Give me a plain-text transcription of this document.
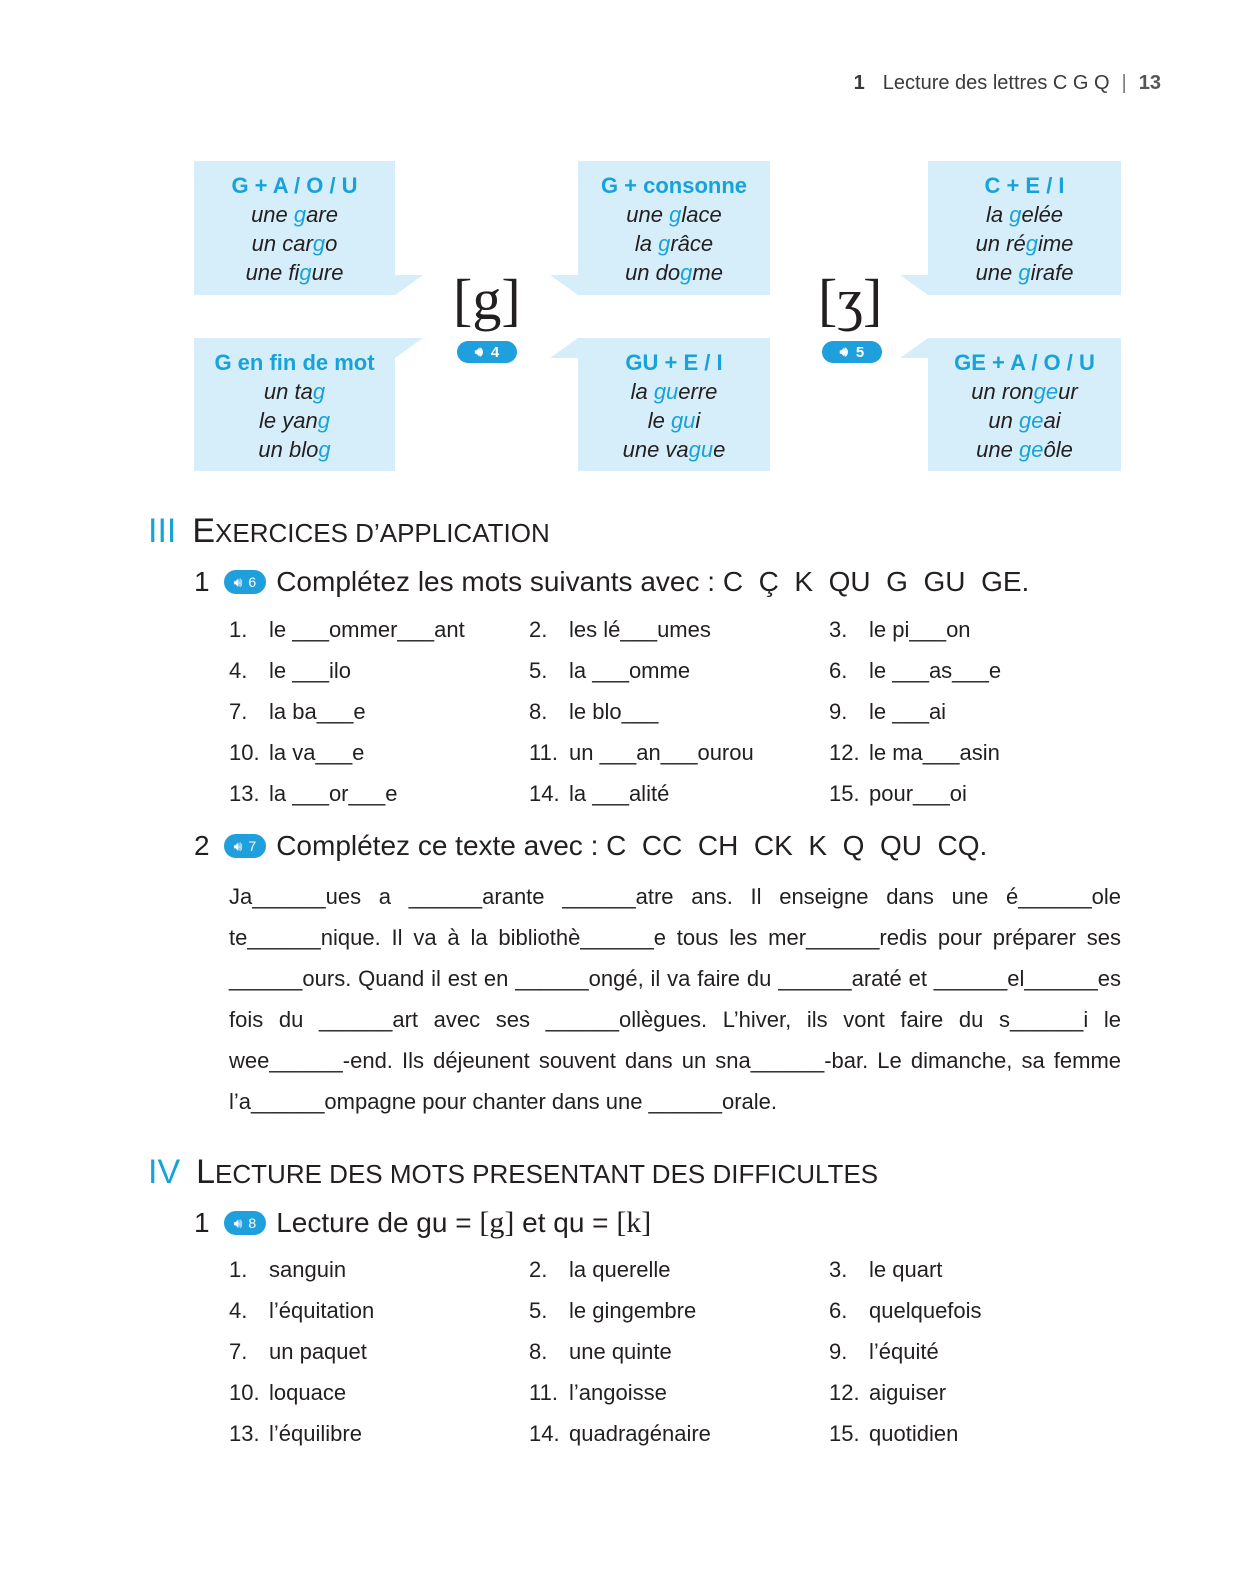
1 Lecture des lettres C G Q | 13
G + A / O / U
une gare
un cargo
une figure
G en fin de mot
un tag
le yang
un blog
G + consonne
une glace
la grâce
un dogme
GU + E / I
la guerre
le gui
une vague
C + E / I
la gelée
un régime
une girafe
GE + A / O / U
un rongeur
un geai
une geôle
[g]
🔊︎ 4
[ʒ]
🔊︎ 5
III E XERCICES D’APPLICATION
1 🔊︎ 6 Complétez les mots suivants avec : C  Ç  K  QU  G  GU  GE.
1. le ___ommer___ant	2. les lé___umes	3. le pi___on
4. le ___ilo	5. la ___omme	6. le ___as___e
7. la ba___e	8. le blo___	9. le ___ai
10. la va___e	11. un ___an___ourou	12. le ma___asin
13. la ___or___e	14. la ___alité	15. pour___oi
2 🔊︎ 7 Complétez ce texte avec : C  CC  CH  CK  K  Q  QU  CQ.
Ja______ues a ______arante ______atre ans. Il enseigne dans une é______ole te______nique. Il va à la bibliothè______e tous les mer______redis pour préparer ses ______ours. Quand il est en ______ongé, il va faire du ______araté et ______el______es fois du ______art avec ses ______ollègues. L’hiver, ils vont faire du s______i le wee______-end. Ils déjeunent souvent dans un sna______-bar. Le dimanche, sa femme l’a______ompagne pour chanter dans une ______orale.
IV L ECTURE DES MOTS PRESENTANT DES DIFFICULTES
1 🔊︎ 8 Lecture de gu = [g] et qu = [k]
1. sanguin	2. la querelle	3. le quart
4. l’équitation	5. le gingembre	6. quelquefois
7. un paquet	8. une quinte	9. l’équité
10. loquace	11. l’angoisse	12. aiguiser
13. l’équilibre	14. quadragénaire	15. quotidien
